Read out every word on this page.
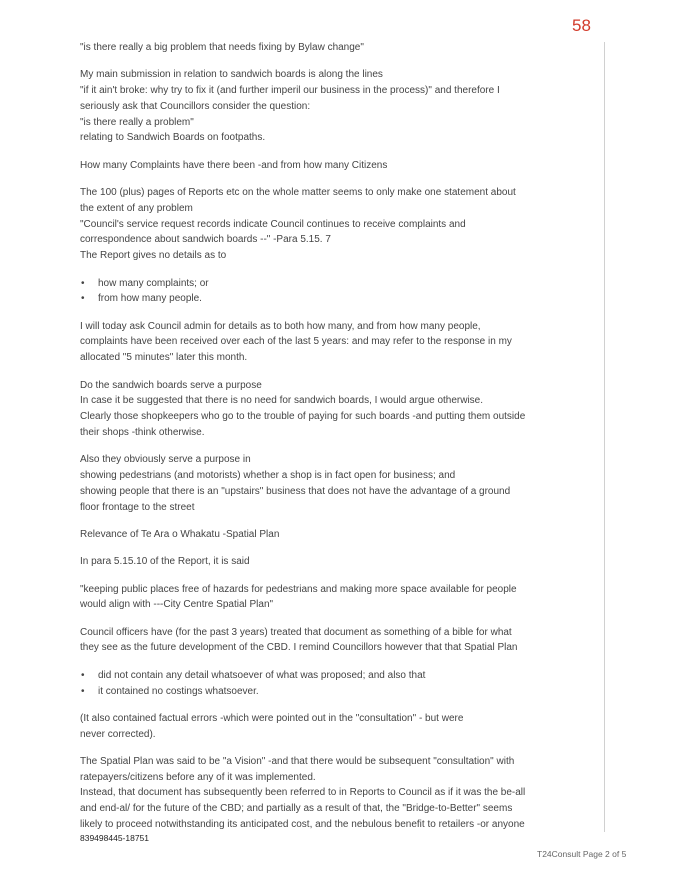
58

"is there really a big problem that needs fixing by Bylaw change"

My main submission in relation to sandwich boards is along the lines
"if it ain't broke: why try to fix it (and further imperil our business in the process)" and therefore I
seriously ask that Councillors consider the question:
"is there really a problem"
relating to Sandwich Boards on footpaths.

How many Complaints have there been -and from how many Citizens

The 100 (plus) pages of Reports etc on the whole matter seems to only make one statement about
the extent of any problem
"Council's service request records indicate Council continues to receive complaints and
correspondence about sandwich boards --" -Para 5.15. 7
The Report gives no details as to

• how many complaints; or
• from how many people.

I will today ask Council admin for details as to both how many, and from how many people,
complaints have been received over each of the last 5 years: and may refer to the response in my
allocated "5 minutes" later this month.

Do the sandwich boards serve a purpose
In case it be suggested that there is no need for sandwich boards, I would argue otherwise.
Clearly those shopkeepers who go to the trouble of paying for such boards -and putting them outside
their shops -think otherwise.

Also they obviously serve a purpose in
showing pedestrians (and motorists) whether a shop is in fact open for business; and
showing people that there is an "upstairs" business that does not have the advantage of a ground
floor frontage to the street

Relevance of Te Ara o Whakatu -Spatial Plan

In para 5.15.10 of the Report, it is said

"keeping public places free of hazards for pedestrians and making more space available for people
would align with ---City Centre Spatial Plan"

Council officers have (for the past 3 years) treated that document as something of a bible for what
they see as the future development of the CBD. I remind Councillors however that that Spatial Plan

• did not contain any detail whatsoever of what was proposed; and also that
• it contained no costings whatsoever.

(It also contained factual errors -which were pointed out in the "consultation" - but were
never corrected).

The Spatial Plan was said to be "a Vision" -and that there would be subsequent "consultation" with
ratepayers/citizens before any of it was implemented.
Instead, that document has subsequently been referred to in Reports to Council as if it was the be-all
and end-al/ for the future of the CBD; and partially as a result of that, the "Bridge-to-Better" seems
likely to proceed notwithstanding its anticipated cost, and the nebulous benefit to retailers -or anyone

839498445-18751
T24Consult Page 2 of 5
